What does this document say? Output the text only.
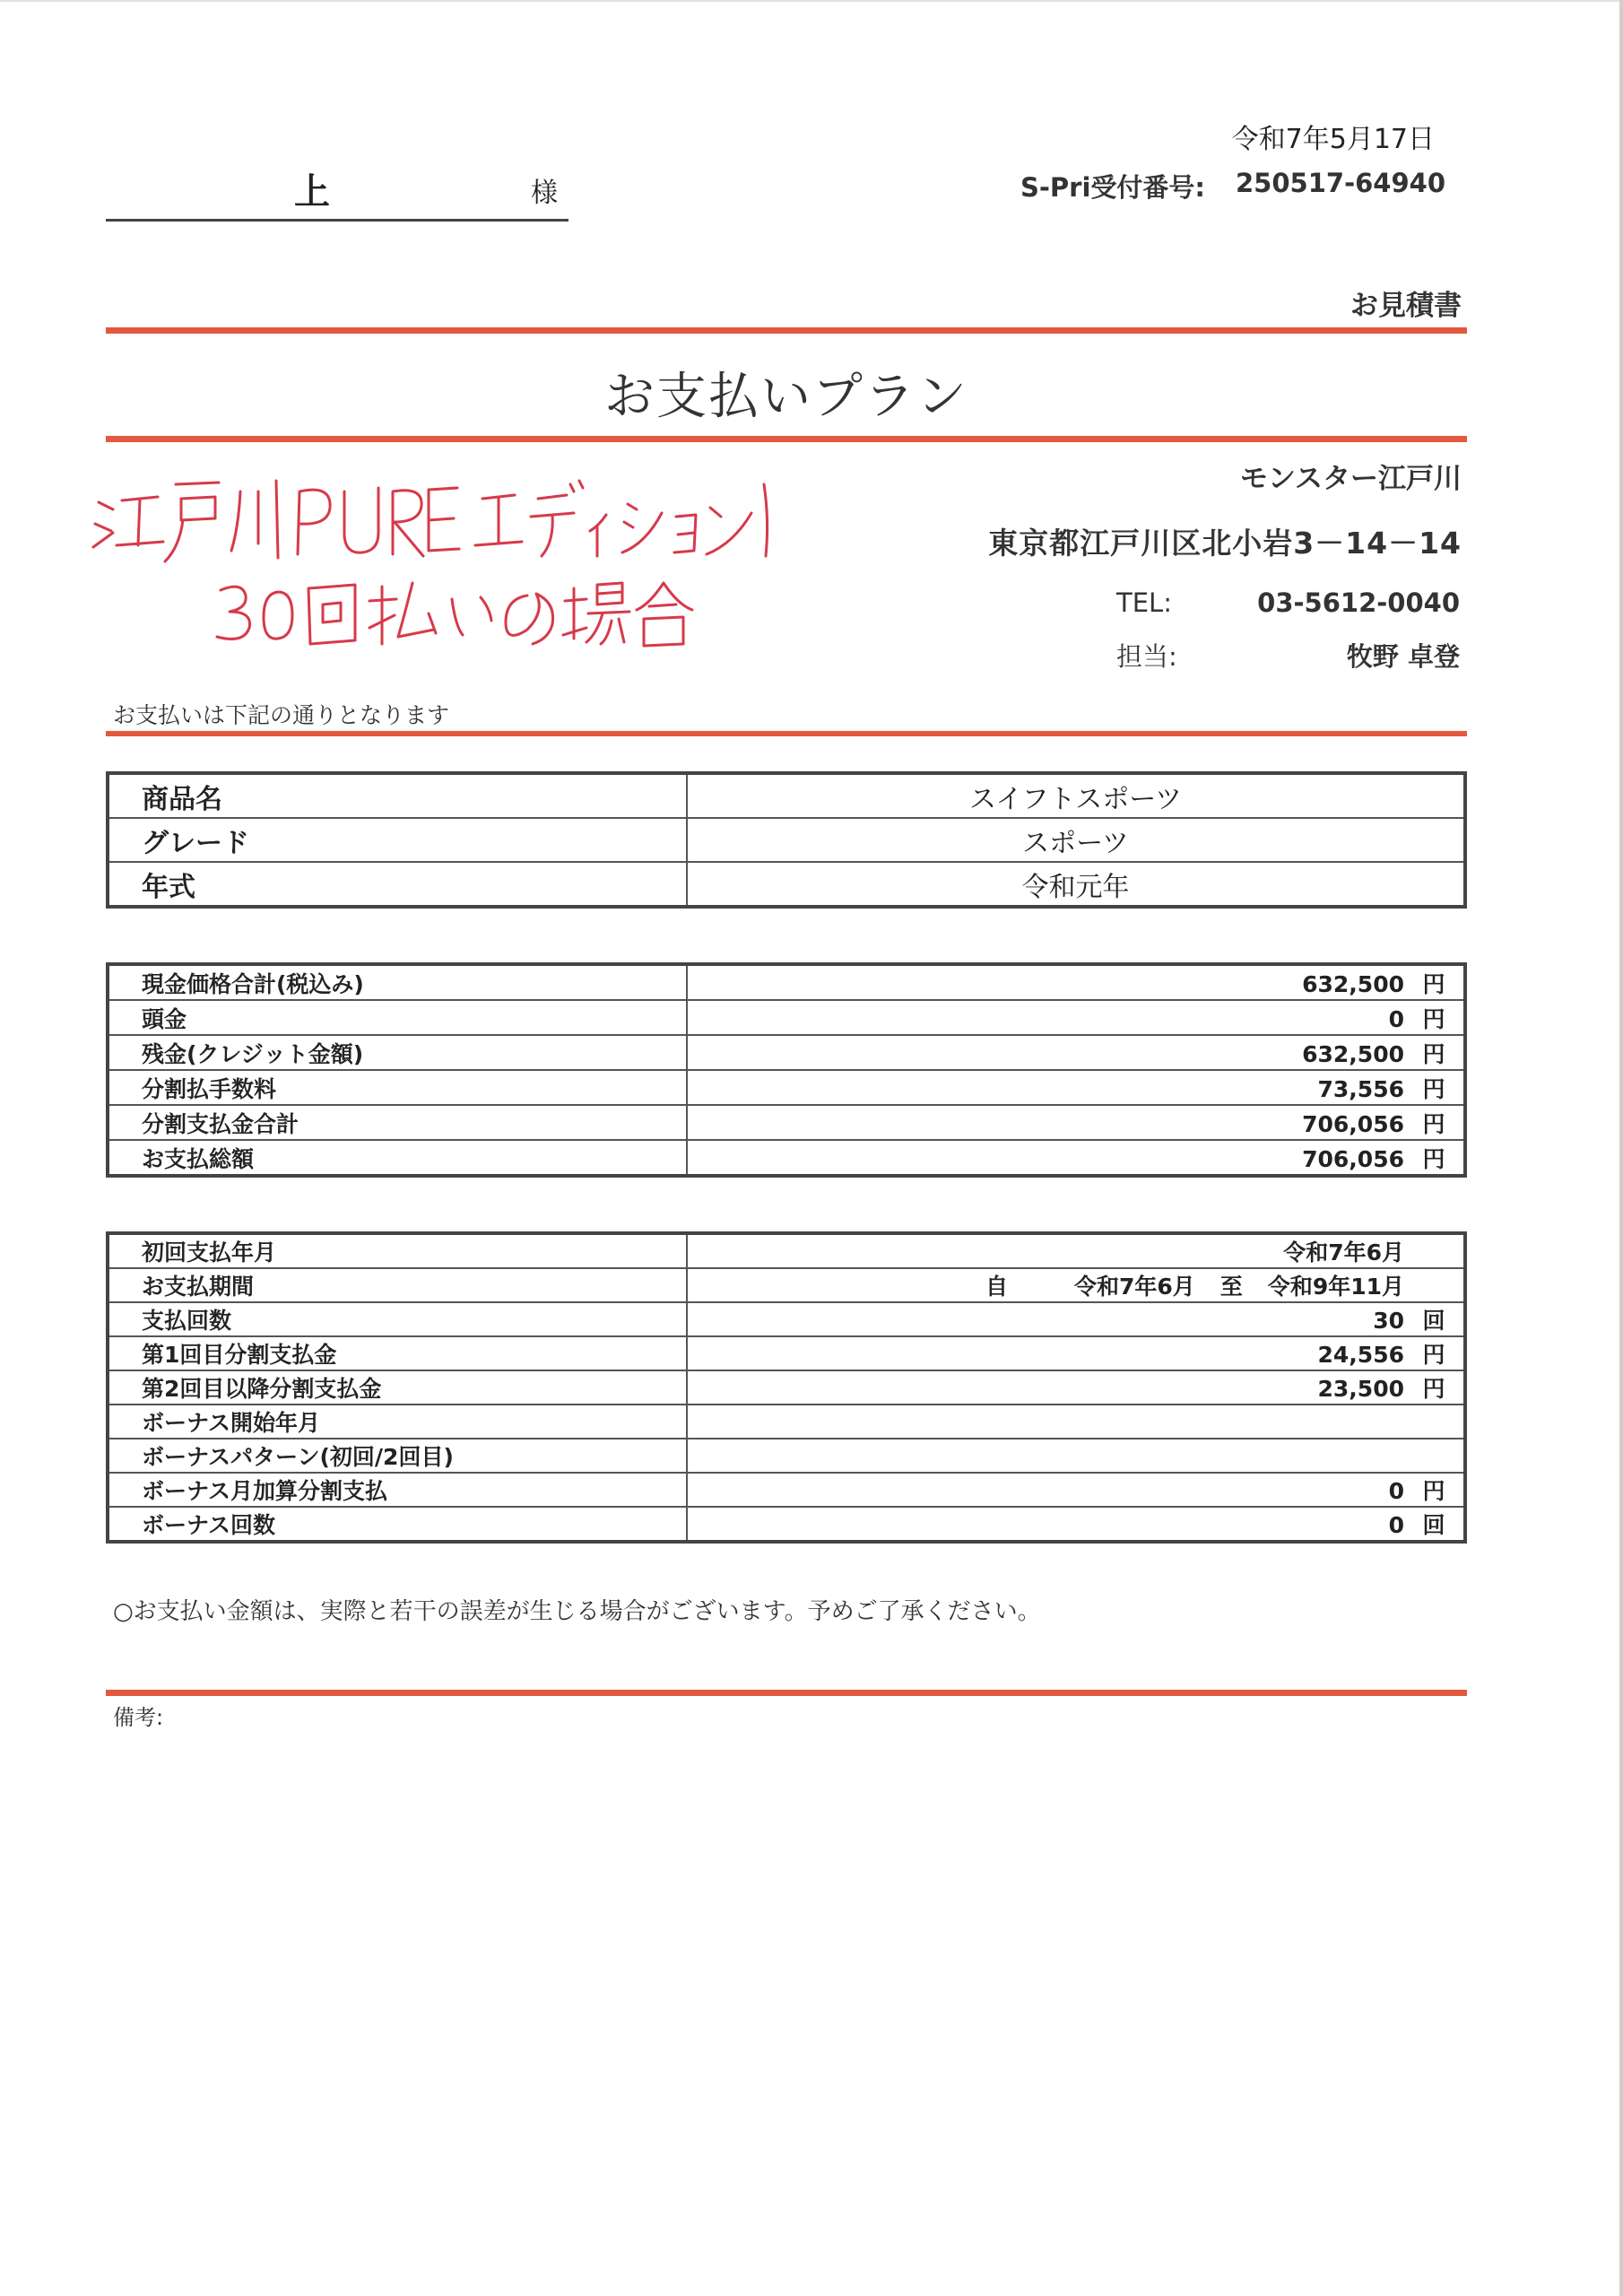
令和7年5月17日
上	様	S-Pri受付番号: 250517-64940
お見積書
お支払いプラン
モンスター江戸川
東京都江戸川区北小岩3－14－14
TEL:	03-5612-0040
担当:	牧野 卓登
お支払いは下記の通りとなります
商品名	スイフトスポーツ
グレード	スポーツ
年式	令和元年
現金価格合計(税込み)	632,500 円
頭金	0 円
残金(クレジット金額)	632,500 円
分割払手数料	73,556 円
分割支払金合計	706,056 円
お支払総額	706,056 円
初回支払年月	令和7年6月
お支払期間	自 令和7年6月 至 令和9年11月
支払回数	30 回
第1回目分割支払金	24,556 円
第2回目以降分割支払金	23,500 円
ボーナス開始年月	
ボーナスパターン(初回/2回目)	
ボーナス月加算分割支払	0 円
ボーナス回数	0 回
○お支払い金額は、実際と若干の誤差が生じる場合がございます。予めご了承ください。
備考:
